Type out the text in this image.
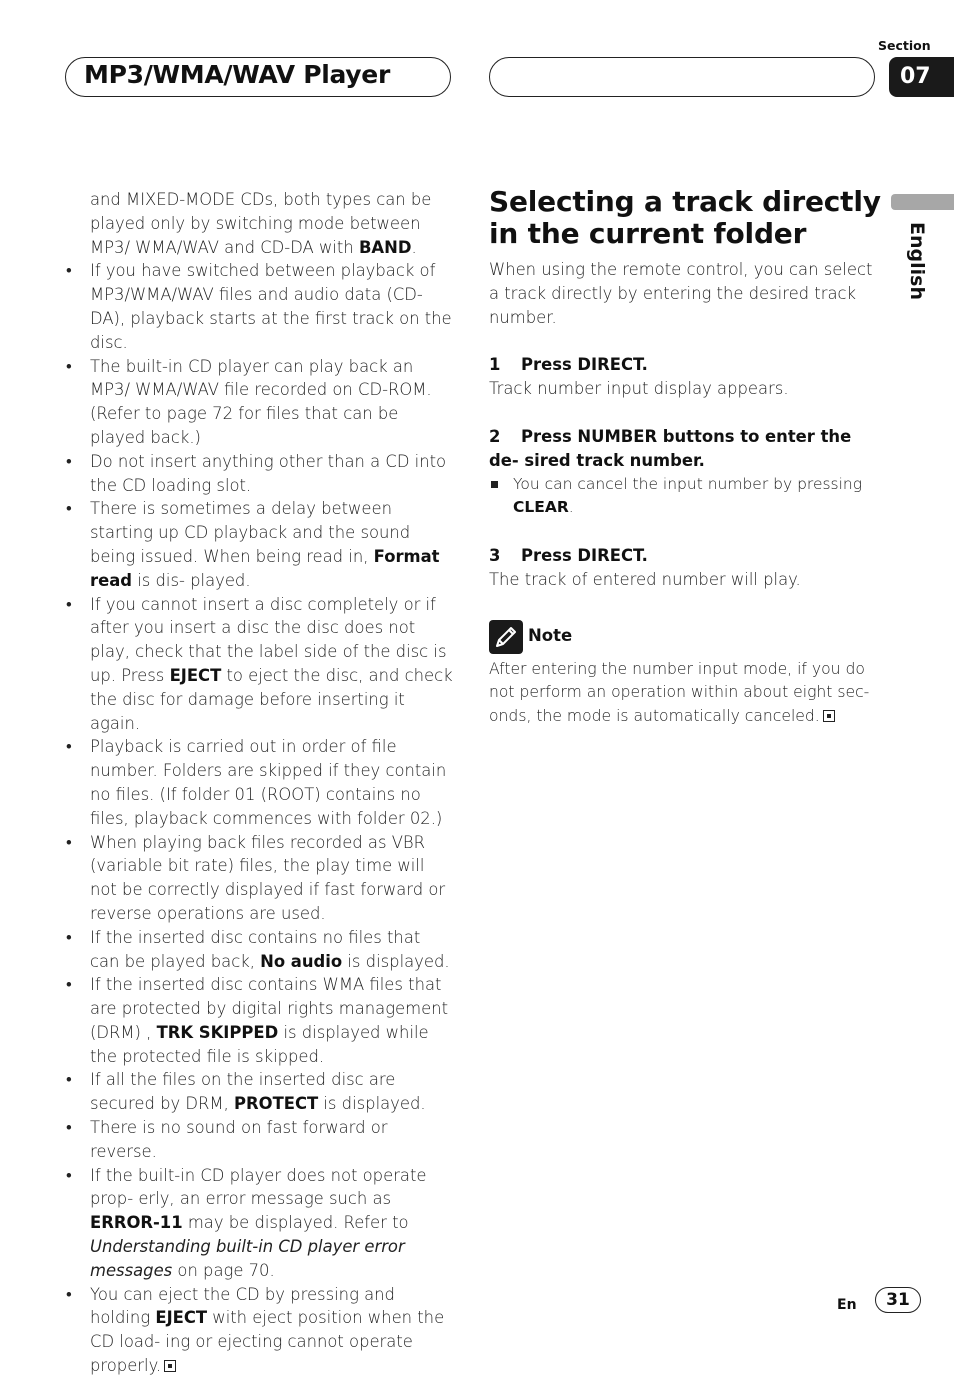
MP3/WMA/WAV Player
Section
07
English
and MIXED-MODE CDs, both types can be played only by switching mode between MP3/ WMA/WAV and CD-DA with BAND.
• If you have switched between playback of MP3/WMA/WAV files and audio data (CD-DA), playback starts at the first track on the disc.
• The built-in CD player can play back an MP3/ WMA/WAV file recorded on CD-ROM. (Refer to page 72 for files that can be played back.)
• Do not insert anything other than a CD into the CD loading slot.
• There is sometimes a delay between starting up CD playback and the sound being issued. When being read in, Format read is dis- played.
• If you cannot insert a disc completely or if after you insert a disc the disc does not play, check that the label side of the disc is up. Press EJECT to eject the disc, and check the disc for damage before inserting it again.
• Playback is carried out in order of file number. Folders are skipped if they contain no files. (If folder 01 (ROOT) contains no files, playback commences with folder 02.)
• When playing back files recorded as VBR (variable bit rate) files, the play time will not be correctly displayed if fast forward or reverse operations are used.
• If the inserted disc contains no files that can be played back, No audio is displayed.
• If the inserted disc contains WMA files that are protected by digital rights management (DRM) , TRK SKIPPED is displayed while the protected file is skipped.
• If all the files on the inserted disc are secured by DRM, PROTECT is displayed.
• There is no sound on fast forward or reverse.
• If the built-in CD player does not operate prop- erly, an error message such as ERROR-11 may be displayed. Refer to Understanding built-in CD player error messages on page 70.
• You can eject the CD by pressing and holding EJECT with eject position when the CD load- ing or ejecting cannot operate properly.
Selecting a track directly in the current folder
When using the remote control, you can select a track directly by entering the desired track number.
1 Press DIRECT.
Track number input display appears.
2 Press NUMBER buttons to enter the de- sired track number.
You can cancel the input number by pressing CLEAR.
3 Press DIRECT.
The track of entered number will play.
Note
After entering the number input mode, if you do not perform an operation within about eight sec- onds, the mode is automatically canceled.
En	31
